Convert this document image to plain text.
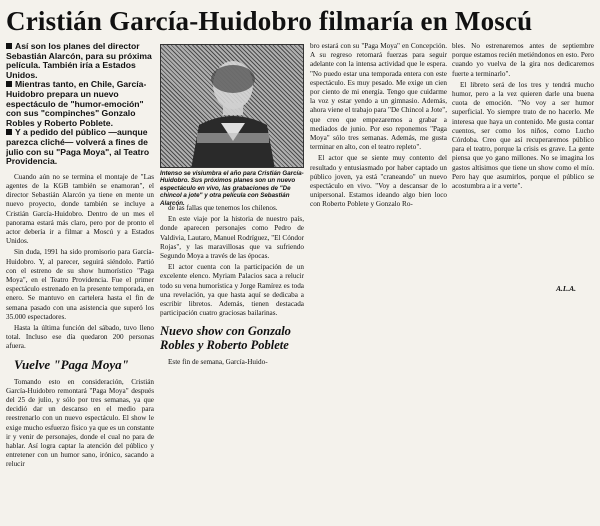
Cristián García-Huidobro filmaría en Moscú
Así son los planes del director Sebastián Alarcón, para su próxima película. También iría a Estados Unidos.
Mientras tanto, en Chile, García-Huidobro prepara un nuevo espectáculo de "humor-emoción" con sus "compinches" Gonzalo Robles y Roberto Poblete.
Y a pedido del público —aunque parezca cliché— volverá a fines de julio con su "Paga Moya", al Teatro Providencia.

Cuando aún no se termina el montaje de "Las agentes de la KGB también se enamoran", el director Sebastián Alarcón ya tiene en mente un nuevo proyecto, donde también se incluye a Cristián García-Huidobro. Dentro de un mes el panorama estará más claro, pero por de pronto el actor debería ir a filmar a Moscú y a Estados Unidos.

Sin duda, 1991 ha sido promisorio para García-Huidobro. Y, al parecer, seguirá siéndolo. Partió con el estreno de su show humorístico "Paga Moya", en el Teatro Providencia. Fue el primer espectáculo estrenado en la presente temporada, en enero. Se mantuvo en cartelera hasta el fin de semana pasado con una asistencia que superó los 35.000 espectadores.

Hasta la última función del sábado, tuvo lleno total. Incluso ese día quedaron 200 personas afuera.

Vuelve "Paga Moya"

Tomando esto en consideración, Cristián García-Huidobro remontará "Paga Moya" después del 25 de julio, y sólo por tres semanas, ya que decidió dar un descanso en el medio para reestrenarlo con un nuevo espectáculo. El show le exige mucho esfuerzo físico ya que es un constante ir y venir de personajes, donde el cual no para de hablar. Así logra captar la atención del público y entretener con un humor sano, irónico, sacando a relucir

Intenso se visiumbra el año para Cristián García-Huidobro. Sus próximos planes son un nuevo espectáculo en vivo, las grabaciones de "De chincol a jote" y otra película con Sebastián Alarcón.

de las fallas que tenemos los chilenos.

En este viaje por la historia de nuestro país, donde aparecen personajes como Pedro de Valdivia, Lautaro, Manuel Rodríguez, "El Cóndor Rojas", y las maravillosas que va sufriendo Segundo Moya a través de las épocas.

El actor cuenta con la participación de un excelente elenco. Myriam Palacios saca a relucir todo su vena humorística y Jorge Ramírez es toda una revelación, ya que hasta aquí se dedicaba a escribir libretos. Además, tienen destacada participación cuatro graciosas bailarinas.

Nuevo show con Gonzalo Robles y Roberto Poblete

Este fin de semana, García-Huido-

bro estará con su "Paga Moya" en Concepción. A su regreso retomará fuerzas para seguir adelante con la intensa actividad que le espera. "No puedo estar una temporada entera con este espectáculo. Es muy pesado. Me exige un cien por ciento de mi energía. Tengo que cuidarme la voz y estar yendo a un gimnasio. Además, ahora viene el trabajo para "De Chincol a Jote", que creo que empezaremos a grabar a mediados de junio. Por eso reponemos "Paga Moya" sólo tres semanas. Además, me gusta terminar en alto, con el teatro repleto".

El actor que se siente muy contento del resultado y entusiasmado por haber captado un público joven, ya está "craneando" un nuevo espectáculo en vivo. "Voy a descansar de lo unipersonal. Estamos ideando algo bien loco con Roberto Poblete y Gonzalo Ro-

bles. No estrenaremos antes de septiembre porque estamos recién metiéndonos en esto. Pero cuando yo vuelva de la gira nos dedicaremos fuerte a terminarlo".

El libreto será de los tres y tendrá mucho humor, pero a la vez quieren darle una buena cuota de emoción. "No voy a ser humor superficial. Yo siempre trato de no hacerlo. Me interesa que haya un contenido. Me gusta contar cuentos, ser como los niños, como Lucho Córdoba. Creo que así recuperaremos público para el teatro, porque la crisis es grave. La gente piensa que yo gano millones. No se imagina los gastos altísimos que tiene un show como el mío. Pero hay que asumirlos, porque el público se acostumbra a ir a verte".

A.L.A.
